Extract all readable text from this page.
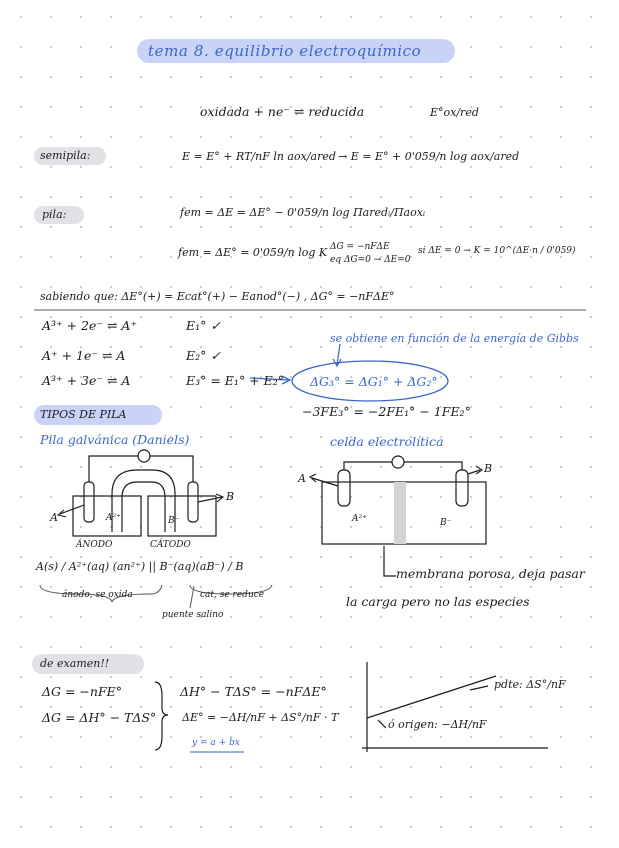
tema 8. equilibrio electroquímico
oxidada + ne⁻ ⇌ reducida	E°ox/red
semipila:	E = E° + RT/nF ln aox/ared → E = E° + 0'059/n log aox/ared
pila:	fem = ΔE = ΔE° − 0'059/n log Πaredᵢ/Πaoxᵢ
fem = ΔE° = 0'059/n log K ΔG = −nFΔE
eq ΔG=0 → ΔE=0
si ΔE = 0 → K = 10^(ΔE·n / 0'059)
sabiendo que: ΔE°(+) = Ecat°(+) − Eanod°(−) , ΔG° = −nFΔE°
A³⁺ + 2e⁻ ⇌ A⁺	E₁° ✓
A⁺ + 1e⁻ ⇌ A	E₂° ✓
A³⁺ + 3e⁻ ⇌ A	E₃° = E₁° + E₂°
se obtiene en función de la energía de Gibbs
ΔG₃° = ΔG₁° + ΔG₂°
−3FE₃° = −2FE₁° − 1FE₂°
TIPOS DE PILA
Pila galvánica (Daniels)
A
B
A²⁺	B⁻
ÁNODO	CÁTODO
A(s) / A²⁺(aq) (an²⁺) || B⁻(aq)(aB⁻) / B
ánodo, se oxida	cat, se reduce
puente salino
celda electrolítica
A
B
A²⁺	B⁻
membrana porosa, deja pasar
la carga pero no las especies
de examen!!
ΔG = −nFE°
ΔG = ΔH° − TΔS°
ΔH° − TΔS° = −nFΔE°
ΔE° = −ΔH/nF + ΔS°/nF · T
y = a + bx
pdte: ΔS°/nF
ó origen: −ΔH/nF
